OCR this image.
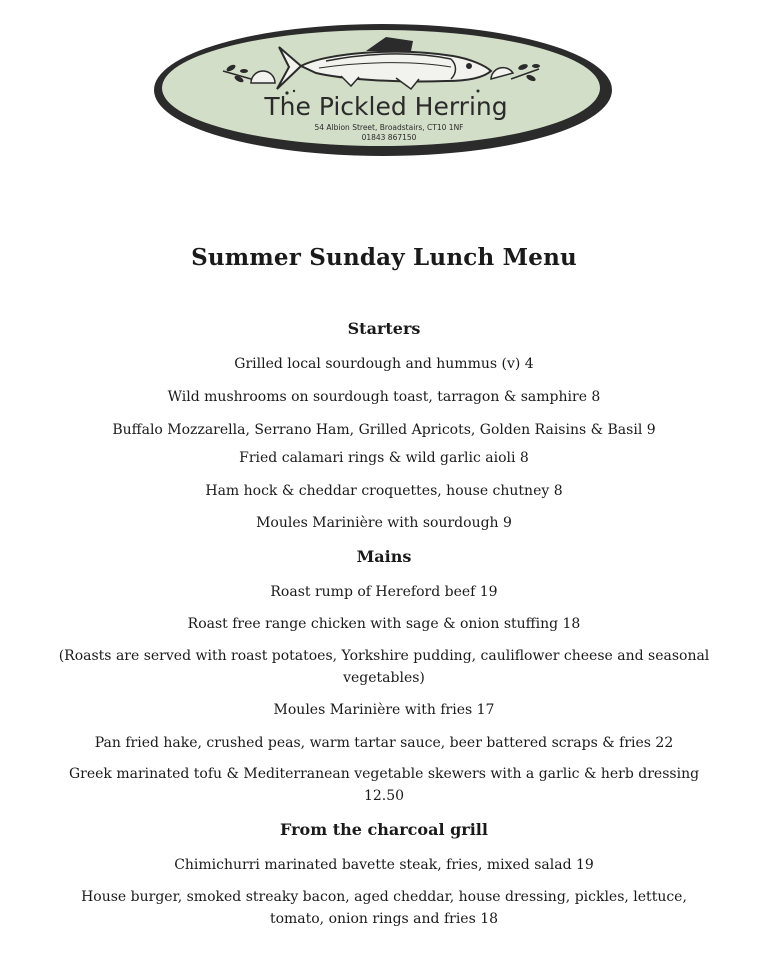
The Pickled Herring
54 Albion Street, Broadstairs, CT10 1NF
01843 867150
Summer Sunday Lunch Menu
Starters
Grilled local sourdough and hummus (v) 4
Wild mushrooms on sourdough toast, tarragon & samphire 8
Buffalo Mozzarella, Serrano Ham, Grilled Apricots, Golden Raisins & Basil 9
Fried calamari rings & wild garlic aioli 8
Ham hock & cheddar croquettes, house chutney 8
Moules Marinière with sourdough 9
Mains
Roast rump of Hereford beef 19
Roast free range chicken with sage & onion stuffing 18
(Roasts are served with roast potatoes, Yorkshire pudding, cauliflower cheese and seasonal vegetables)
Moules Marinière with fries 17
Pan fried hake, crushed peas, warm tartar sauce, beer battered scraps & fries 22
Greek marinated tofu & Mediterranean vegetable skewers with a garlic & herb dressing 12.50
From the charcoal grill
Chimichurri marinated bavette steak, fries, mixed salad 19
House burger, smoked streaky bacon, aged cheddar, house dressing, pickles, lettuce, tomato, onion rings and fries 18
